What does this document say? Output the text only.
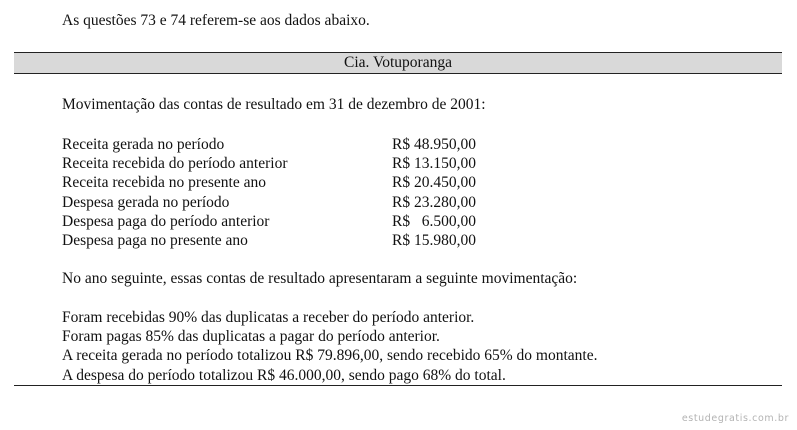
As questões 73 e 74 referem-se aos dados abaixo.
Cia. Votuporanga
Movimentação das contas de resultado em 31 de dezembro de 2001:
Receita gerada no período	R$ 48.950,00
Receita recebida do período anterior	R$ 13.150,00
Receita recebida no presente ano	R$ 20.450,00
Despesa gerada no período	R$ 23.280,00
Despesa paga do período anterior	R$   6.500,00
Despesa paga no presente ano	R$ 15.980,00
No ano seguinte, essas contas de resultado apresentaram a seguinte movimentação:
Foram recebidas 90% das duplicatas a receber do período anterior.
Foram pagas 85% das duplicatas a pagar do período anterior.
A receita gerada no período totalizou R$ 79.896,00, sendo recebido 65% do montante.
A despesa do período totalizou R$ 46.000,00, sendo pago 68% do total.
estudegratis.com.br
